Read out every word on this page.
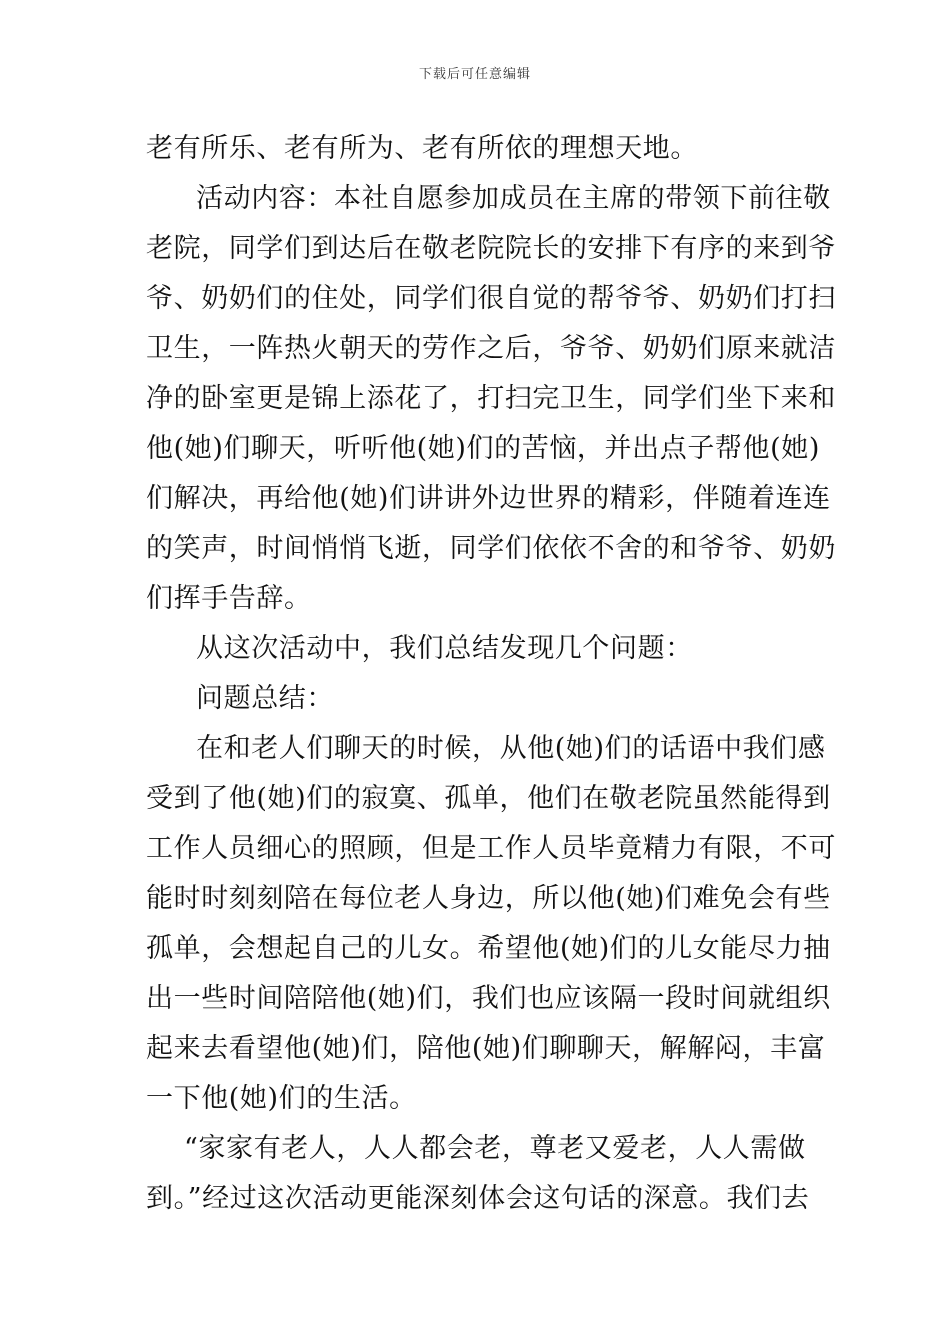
下载后可任意编辑
老有所乐、老有所为、老有所依的理想天地。
活动内容：本社自愿参加成员在主席的带领下前往敬
老院，同学们到达后在敬老院院长的安排下有序的来到爷
爷、奶奶们的住处，同学们很自觉的帮爷爷、奶奶们打扫
卫生，一阵热火朝天的劳作之后，爷爷、奶奶们原来就洁
净的卧室更是锦上添花了，打扫完卫生，同学们坐下来和
他(她)们聊天，听听他(她)们的苦恼，并出点子帮他(她)
们解决，再给他(她)们讲讲外边世界的精彩，伴随着连连
的笑声，时间悄悄飞逝，同学们依依不舍的和爷爷、奶奶
们挥手告辞。
从这次活动中，我们总结发现几个问题：
问题总结：
在和老人们聊天的时候，从他(她)们的话语中我们感
受到了他(她)们的寂寞、孤单，他们在敬老院虽然能得到
工作人员细心的照顾，但是工作人员毕竟精力有限，不可
能时时刻刻陪在每位老人身边，所以他(她)们难免会有些
孤单，会想起自己的儿女。希望他(她)们的儿女能尽力抽
出一些时间陪陪他(她)们，我们也应该隔一段时间就组织
起来去看望他(她)们，陪他(她)们聊聊天，解解闷，丰富
一下他(她)们的生活。
“家家有老人，人人都会老，尊老又爱老，人人需做
到。”经过这次活动更能深刻体会这句话的深意。我们去
